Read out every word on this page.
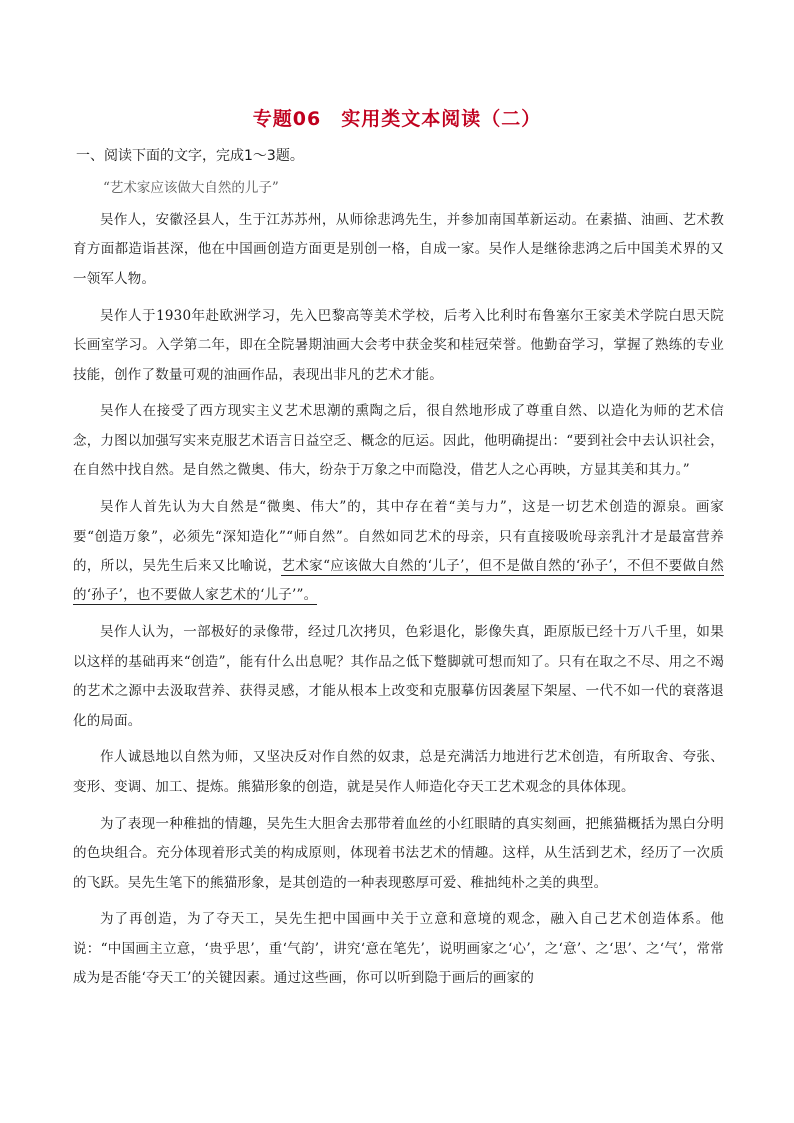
专题06　实用类文本阅读（二）
一、阅读下面的文字，完成1～3题。
“艺术家应该做大自然的儿子”

吴作人，安徽泾县人，生于江苏苏州，从师徐悲鸿先生，并参加南国革新运动。在素描、油画、艺术教育方面都造诣甚深，他在中国画创造方面更是别创一格，自成一家。吴作人是继徐悲鸿之后中国美术界的又一领军人物。

吴作人于1930年赴欧洲学习，先入巴黎高等美术学校，后考入比利时布鲁塞尔王家美术学院白思天院长画室学习。入学第二年，即在全院暑期油画大会考中获金奖和桂冠荣誉。他勤奋学习，掌握了熟练的专业技能，创作了数量可观的油画作品，表现出非凡的艺术才能。

吴作人在接受了西方现实主义艺术思潮的熏陶之后，很自然地形成了尊重自然、以造化为师的艺术信念，力图以加强写实来克服艺术语言日益空乏、概念的厄运。因此，他明确提出：“要到社会中去认识社会，在自然中找自然。是自然之微奥、伟大，纷杂于万象之中而隐没，借艺人之心再映，方显其美和其力。”

吴作人首先认为大自然是“微奥、伟大”的，其中存在着“美与力”，这是一切艺术创造的源泉。画家要“创造万象”，必须先“深知造化”“师自然”。自然如同艺术的母亲，只有直接吸吮母亲乳汁才是最富营养的，所以，吴先生后来又比喻说，艺术家“应该做大自然的‘儿子’，但不是做自然的‘孙子’，不但不要做自然的‘孙子’，也不要做人家艺术的‘儿子’”。

吴作人认为，一部极好的录像带，经过几次拷贝，色彩退化，影像失真，距原版已经十万八千里，如果以这样的基础再来“创造”，能有什么出息呢？其作品之低下蹩脚就可想而知了。只有在取之不尽、用之不竭的艺术之源中去汲取营养、获得灵感，才能从根本上改变和克服摹仿因袭屋下架屋、一代不如一代的衰落退化的局面。

作人诚恳地以自然为师，又坚决反对作自然的奴隶，总是充满活力地进行艺术创造，有所取舍、夸张、变形、变调、加工、提炼。熊猫形象的创造，就是吴作人师造化夺天工艺术观念的具体体现。

为了表现一种稚拙的情趣，吴先生大胆舍去那带着血丝的小红眼睛的真实刻画，把熊猫概括为黑白分明的色块组合。充分体现着形式美的构成原则，体现着书法艺术的情趣。这样，从生活到艺术，经历了一次质的飞跃。吴先生笔下的熊猫形象，是其创造的一种表现憨厚可爱、稚拙纯朴之美的典型。

为了再创造，为了夺天工，吴先生把中国画中关于立意和意境的观念，融入自己艺术创造体系。他说：“中国画主立意，‘贵乎思’，重‘气韵’，讲究‘意在笔先’，说明画家之‘心’，之‘意’、之‘思’、之‘气’，常常成为是否能‘夺天工’的关键因素。通过这些画，你可以听到隐于画后的画家的
